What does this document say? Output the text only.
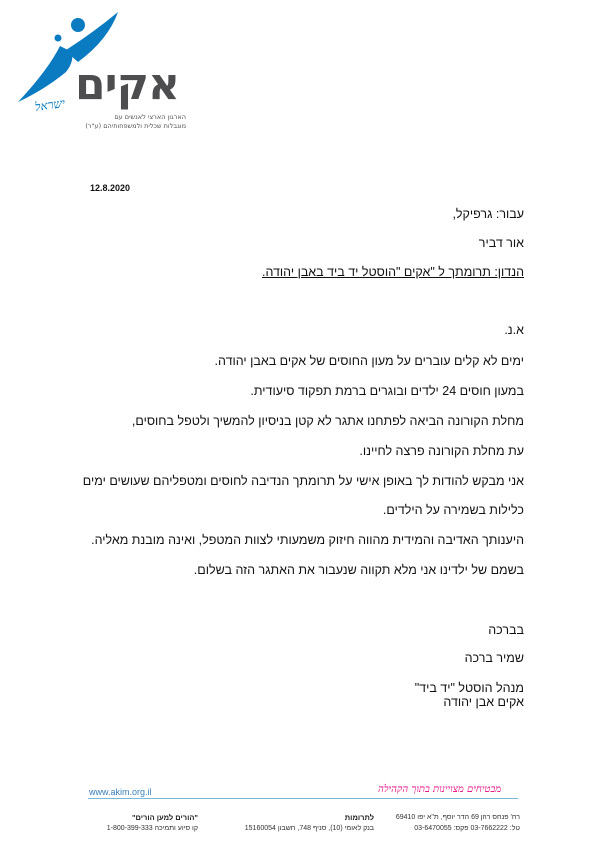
אקים
ישראל
הארגון הארצי לאנשים עם
מוגבלות שכלית ולמשפחותיהם (ע"ר)
12.8.2020
עבור: גרפיקל,
אור דביר
הנדון: תרומתך ל "אקים "הוסטל יד ביד באבן יהודה.
א.נ.
ימים לא קלים עוברים על מעון החוסים של אקים באבן יהודה.
במעון חוסים 24 ילדים ובוגרים ברמת תפקוד סיעודית.
מחלת הקורונה הביאה לפתחנו אתגר לא קטן בניסיון להמשיך ולטפל בחוסים,
עת מחלת הקורונה פרצה לחיינו.
אני מבקש להודות לך באופן אישי על תרומתך הנדיבה לחוסים ומטפליהם שעושים ימים
כלילות בשמירה על הילדים.
היענותך האדיבה והמידית מהווה חיזוק משמעותי לצוות המטפל, ואינה מובנת מאליה.
בשמם של ילדינו אני מלא תקווה שנעבור את האתגר הזה בשלום.
בברכה
שמיר ברכה
מנהל הוסטל "יד ביד"
אקים אבן יהודה
www.akim.org.il	מבטיחים מצויינות בתוך הקהילה
רח' פנחס רוזן 69 הדר יוסף, ת"א יפו 69410
טל: 03-7662222 פקס: 03-6470055
לתרומות
בנק לאומי (10), סניף 748, חשבון 15160054
"הורים למען הורים"
קו סיוע ותמיכה 1-800-399-333
